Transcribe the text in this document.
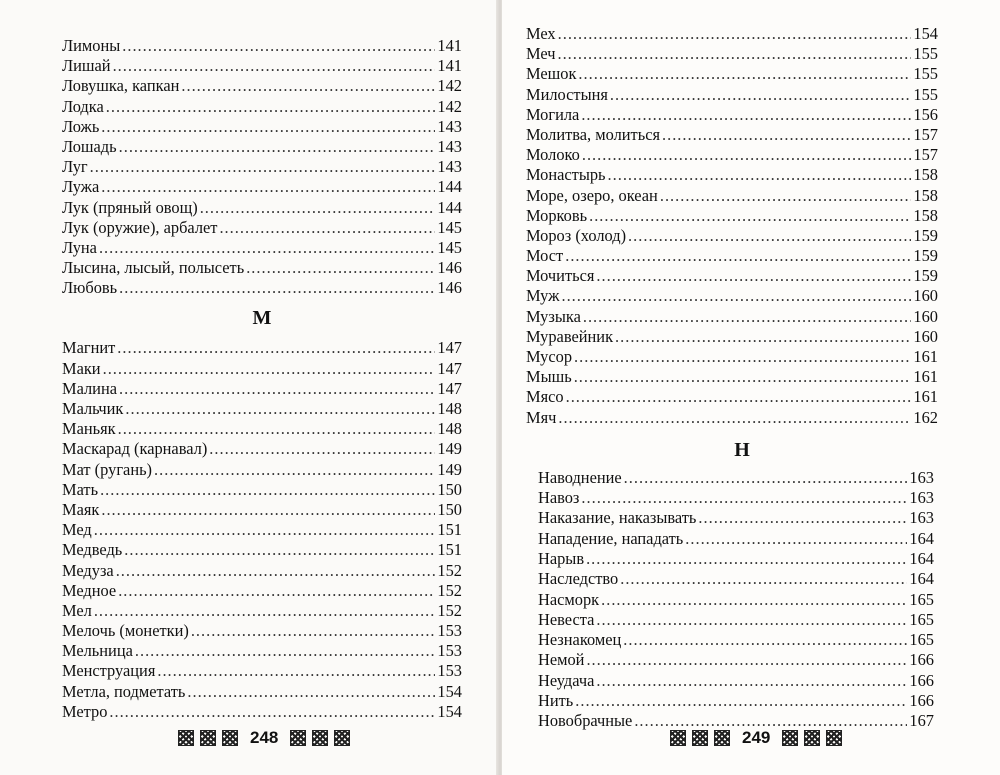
Лимоны .....	141
Лишай .....	141
Ловушка, капкан .....	142
Лодка .....	142
Ложь .....	143
Лошадь .....	143
Луг .....	143
Лужа .....	144
Лук (пряный овощ) .....	144
Лук (оружие), арбалет .....	145
Луна .....	145
Лысина, лысый, полысеть .....	146
Любовь .....	146
М
Магнит .....	147
Маки .....	147
Малина .....	147
Мальчик .....	148
Маньяк .....	148
Маскарад (карнавал) .....	149
Мат (ругань) .....	149
Мать .....	150
Маяк .....	150
Мед .....	151
Медведь .....	151
Медуза .....	152
Медное .....	152
Мел .....	152
Мелочь (монетки) .....	153
Мельница .....	153
Менструация .....	153
Метла, подметать .....	154
Метро .....	154
248
Мех .....	154
Меч .....	155
Мешок .....	155
Милостыня .....	155
Могила .....	156
Молитва, молиться .....	157
Молоко .....	157
Монастырь .....	158
Море, озеро, океан .....	158
Морковь .....	158
Мороз (холод) .....	159
Мост .....	159
Мочиться .....	159
Муж .....	160
Музыка .....	160
Муравейник .....	160
Мусор .....	161
Мышь .....	161
Мясо .....	161
Мяч .....	162
Н
Наводнение .....	163
Навоз .....	163
Наказание, наказывать .....	163
Нападение, нападать .....	164
Нарыв .....	164
Наследство .....	164
Насморк .....	165
Невеста .....	165
Незнакомец .....	165
Немой .....	166
Неудача .....	166
Нить .....	166
Новобрачные .....	167
249
